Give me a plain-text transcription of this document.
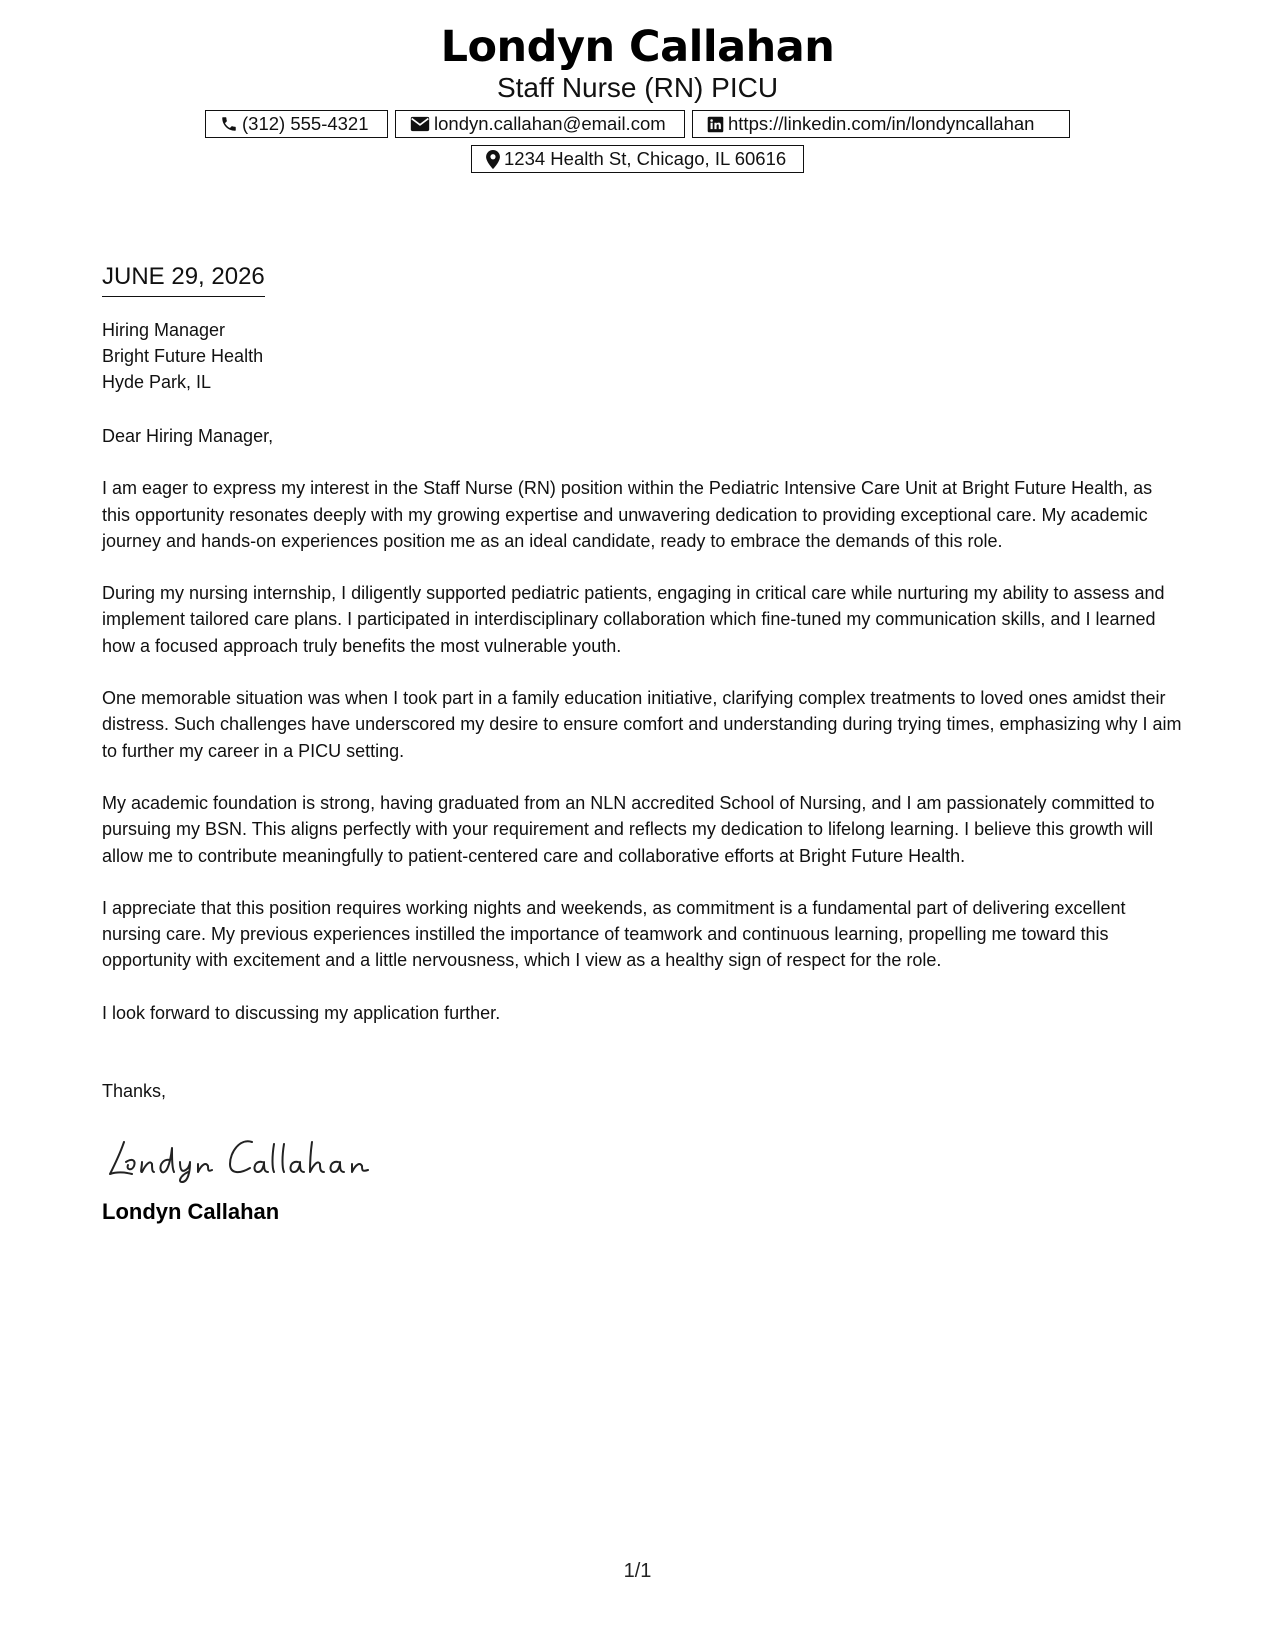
Londyn Callahan
Staff Nurse (RN) PICU
(312) 555-4321	londyn.callahan@email.com	https://linkedin.com/in/londyncallahan
1234 Health St, Chicago, IL 60616
JUNE 29, 2026
Hiring Manager
Bright Future Health
Hyde Park, IL
Dear Hiring Manager,
I am eager to express my interest in the Staff Nurse (RN) position within the Pediatric Intensive Care Unit at Bright Future Health, as this opportunity resonates deeply with my growing expertise and unwavering dedication to providing exceptional care. My academic journey and hands-on experiences position me as an ideal candidate, ready to embrace the demands of this role.
During my nursing internship, I diligently supported pediatric patients, engaging in critical care while nurturing my ability to assess and implement tailored care plans. I participated in interdisciplinary collaboration which fine-tuned my communication skills, and I learned how a focused approach truly benefits the most vulnerable youth.
One memorable situation was when I took part in a family education initiative, clarifying complex treatments to loved ones amidst their distress. Such challenges have underscored my desire to ensure comfort and understanding during trying times, emphasizing why I aim to further my career in a PICU setting.
My academic foundation is strong, having graduated from an NLN accredited School of Nursing, and I am passionately committed to pursuing my BSN. This aligns perfectly with your requirement and reflects my dedication to lifelong learning. I believe this growth will allow me to contribute meaningfully to patient-centered care and collaborative efforts at Bright Future Health.
I appreciate that this position requires working nights and weekends, as commitment is a fundamental part of delivering excellent nursing care. My previous experiences instilled the importance of teamwork and continuous learning, propelling me toward this opportunity with excitement and a little nervousness, which I view as a healthy sign of respect for the role.
I look forward to discussing my application further.
Thanks,
Londyn Callahan
1/1
